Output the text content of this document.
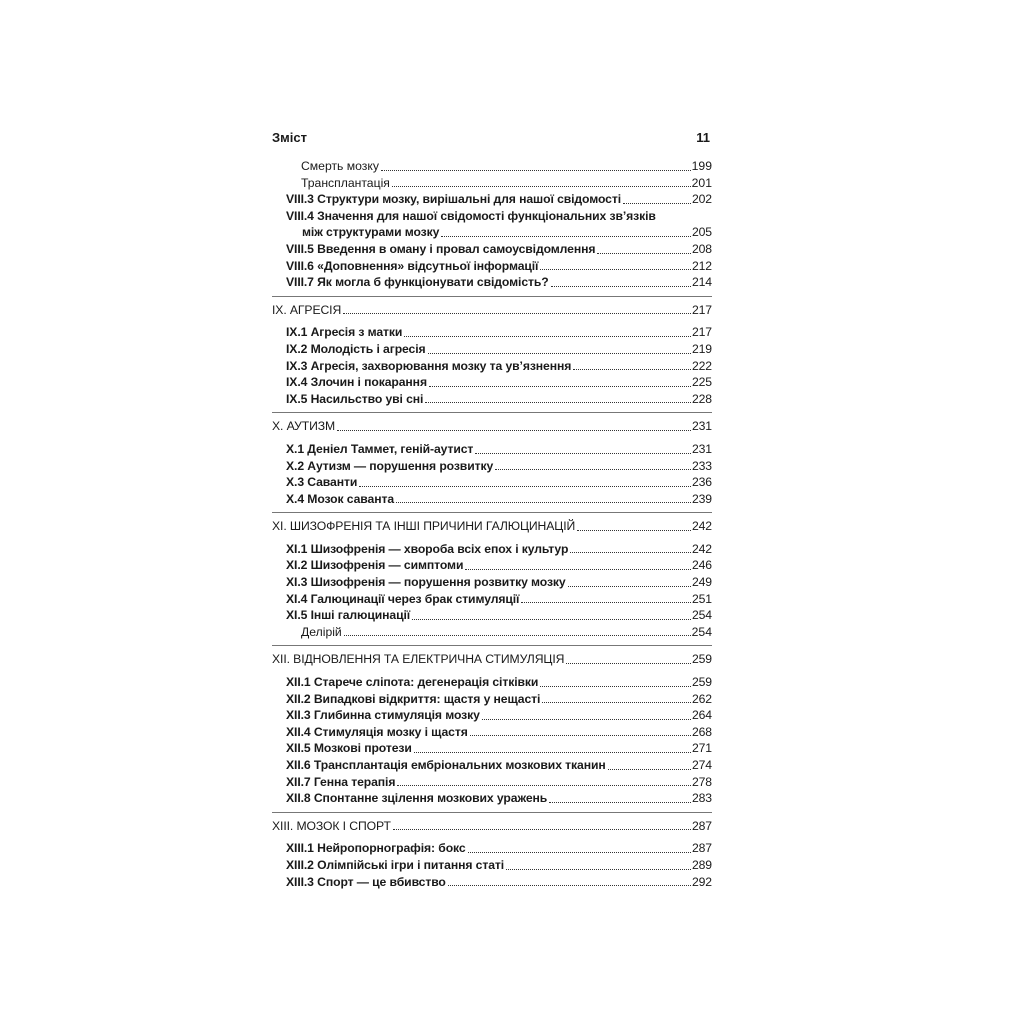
Зміст	11
Смерть мозку	199
Трансплантація	201
VIII.3 Структури мозку, вирішальні для нашої свідомості	202
VIII.4 Значення для нашої свідомості функціональних зв’язків
між структурами мозку	205
VIII.5 Введення в оману і провал самоусвідомлення	208
VIII.6 «Доповнення» відсутньої інформації	212
VIII.7 Як могла б функціонувати свідомість?	214
IX. АГРЕСІЯ	217
IX.1 Агресія з матки	217
IX.2 Молодість і агресія	219
IX.3 Агресія, захворювання мозку та ув’язнення	222
IX.4 Злочин і покарання	225
IX.5 Насильство уві сні	228
X. АУТИЗМ	231
X.1 Деніел Таммет, геній-аутист	231
X.2 Аутизм — порушення розвитку	233
X.3 Саванти	236
X.4 Мозок саванта	239
XI. ШИЗОФРЕНІЯ ТА ІНШІ ПРИЧИНИ ГАЛЮЦИНАЦІЙ	242
XI.1 Шизофренія — хвороба всіх епох і культур	242
XI.2 Шизофренія — симптоми	246
XI.3 Шизофренія — порушення розвитку мозку	249
XI.4 Галюцинації через брак стимуляції	251
XI.5 Інші галюцинації	254
Делірій	254
XII. ВІДНОВЛЕННЯ ТА ЕЛЕКТРИЧНА СТИМУЛЯЦІЯ	259
XII.1 Старече сліпота: дегенерація сітківки	259
XII.2 Випадкові відкриття: щастя у нещасті	262
XII.3 Глибинна стимуляція мозку	264
XII.4 Стимуляція мозку і щастя	268
XII.5 Мозкові протези	271
XII.6 Трансплантація ембріональних мозкових тканин	274
XII.7 Генна терапія	278
XII.8 Спонтанне зцілення мозкових уражень	283
XIII. МОЗОК І СПОРТ	287
XIII.1 Нейропорнографія: бокс	287
XIII.2 Олімпійські ігри і питання статі	289
XIII.3 Спорт — це вбивство	292
